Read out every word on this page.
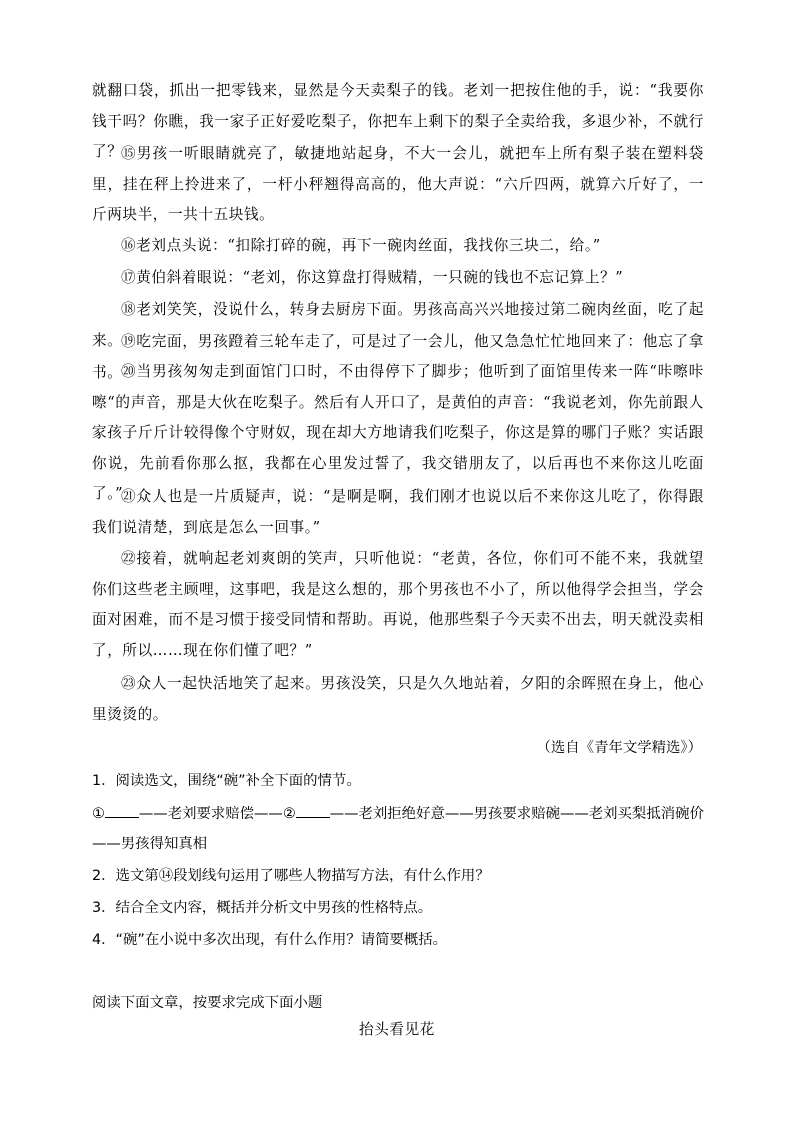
就翻口袋，抓出一把零钱来，显然是今天卖梨子的钱。老刘一把按住他的手，说：“我要你钱干吗？你瞧，我一家子正好爱吃梨子，你把车上剩下的梨子全卖给我，多退少补，不就行了？

⑮男孩一听眼睛就亮了，敏捷地站起身，不大一会儿，就把车上所有梨子装在塑料袋里，挂在秤上拎进来了，一杆小秤翘得高高的，他大声说：“六斤四两，就算六斤好了，一斤两块半，一共十五块钱。

⑯老刘点头说：“扣除打碎的碗，再下一碗肉丝面，我找你三块二，给。”

⑰黄伯斜着眼说：“老刘，你这算盘打得贼精，一只碗的钱也不忘记算上？”

⑱老刘笑笑，没说什么，转身去厨房下面。男孩高高兴兴地接过第二碗肉丝面，吃了起来。

⑲吃完面，男孩蹬着三轮车走了，可是过了一会儿，他又急急忙忙地回来了：他忘了拿书。

⑳当男孩匆匆走到面馆门口时，不由得停下了脚步；他听到了面馆里传来一阵“咔嚓咔嚓“的声音，那是大伙在吃梨子。然后有人开口了，是黄伯的声音：“我说老刘，你先前跟人家孩子斤斤计较得像个守财奴，现在却大方地请我们吃梨子，你这是算的哪门子账？实话跟你说，先前看你那么抠，我都在心里发过誓了，我交错朋友了，以后再也不来你这儿吃面了。”

㉑众人也是一片质疑声，说：“是啊是啊，我们刚才也说以后不来你这儿吃了，你得跟我们说清楚，到底是怎么一回事。”

㉒接着，就响起老刘爽朗的笑声，只听他说：“老黄，各位，你们可不能不来，我就望你们这些老主顾哩，这事吧，我是这么想的，那个男孩也不小了，所以他得学会担当，学会面对困难，而不是习惯于接受同情和帮助。再说，他那些梨子今天卖不出去，明天就没卖相了，所以……现在你们懂了吧？”

㉓众人一起快活地笑了起来。男孩没笑，只是久久地站着，夕阳的余晖照在身上，他心里烫烫的。

（选自《青年文学精选》）
1．阅读选文，围绕“碗”补全下面的情节。
① ——老刘要求赔偿——② ——老刘拒绝好意——男孩要求赔碗——老刘买梨抵消碗价
——男孩得知真相
2．选文第⑭段划线句运用了哪些人物描写方法，有什么作用？
3．结合全文内容，概括并分析文中男孩的性格特点。
4．“碗”在小说中多次出现，有什么作用？请简要概括。
阅读下面文章，按要求完成下面小题
抬头看见花
